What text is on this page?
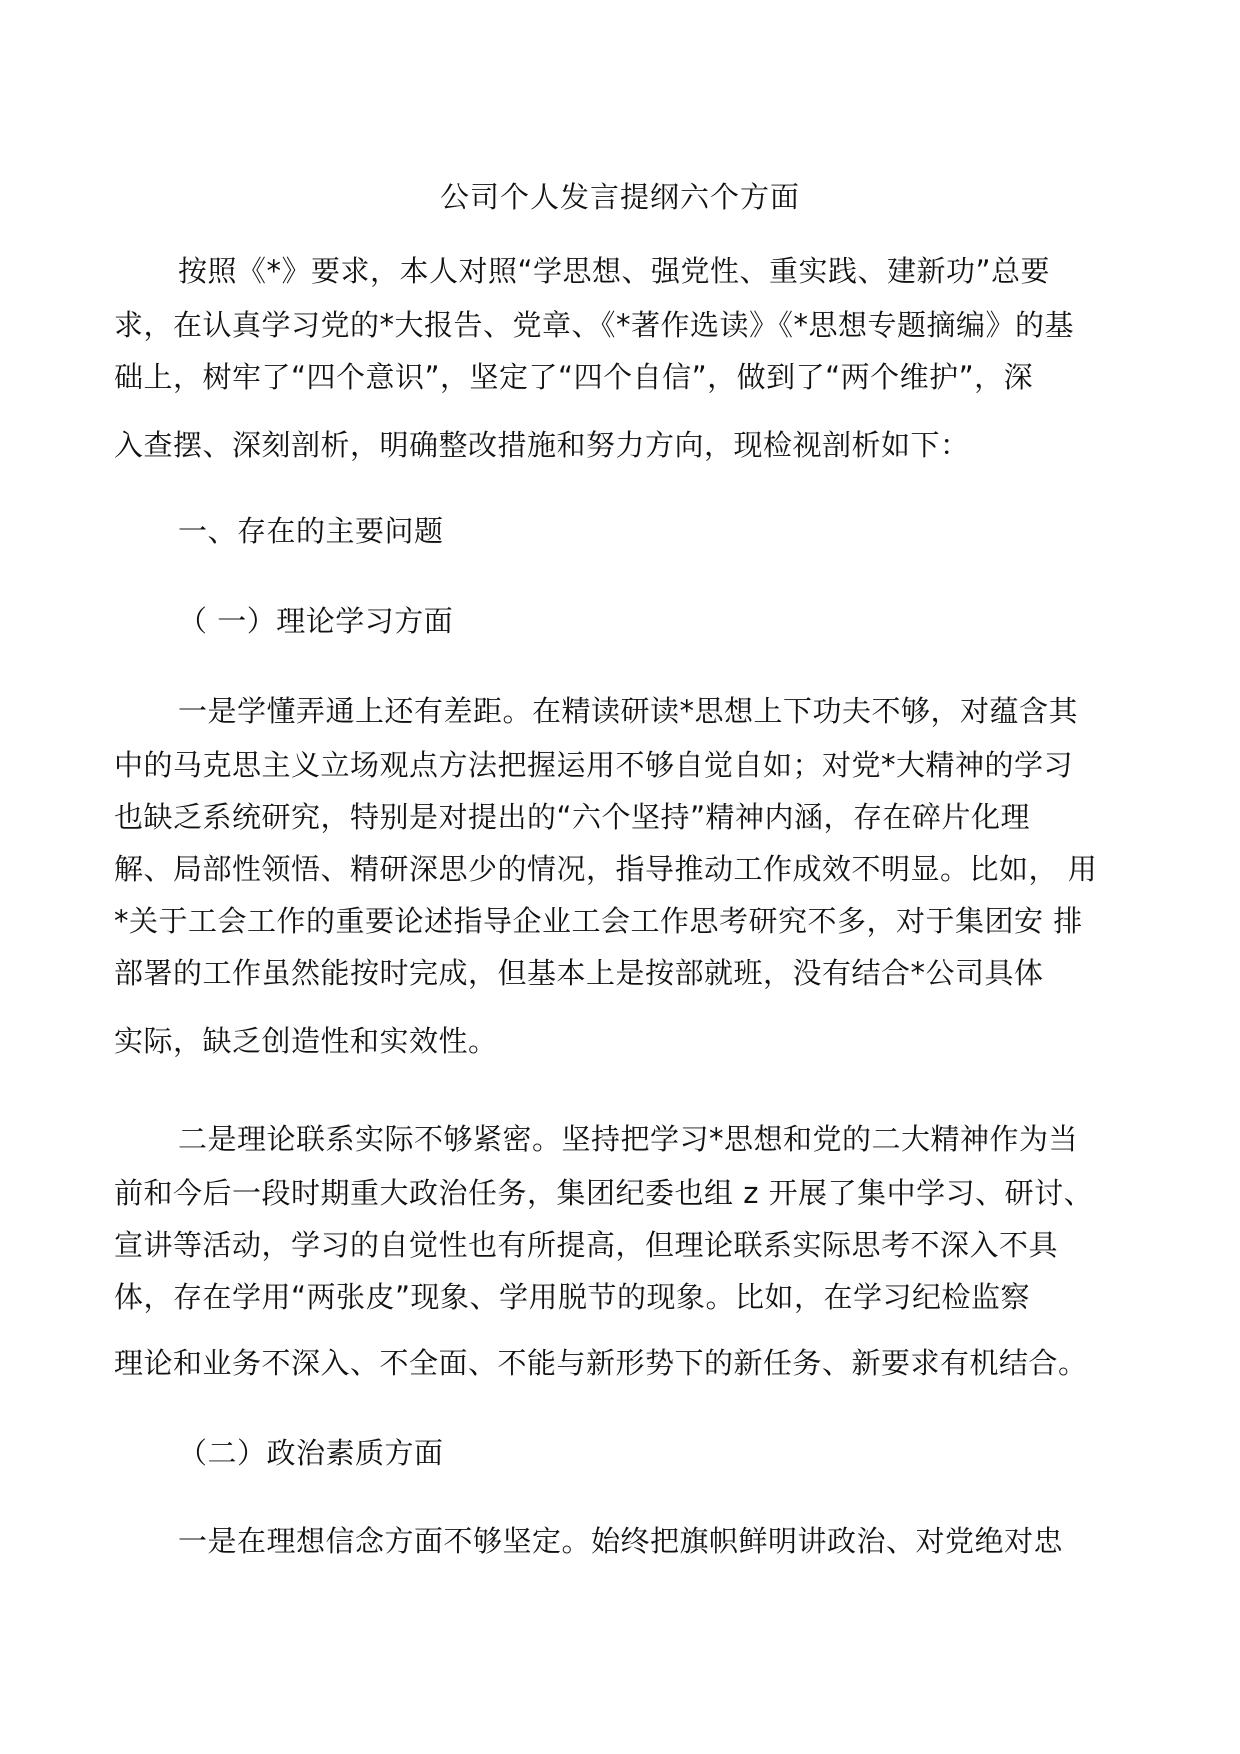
公司个人发言提纲六个方面
按照《*》要求，本人对照“学思想、强党性、重实践、建新功”总要
求，在认真学习党的*大报告、党章、《*著作选读》《*思想专题摘编》的基
础上，树牢了“四个意识”，坚定了“四个自信”，做到了“两个维护”，深
入查摆、深刻剖析，明确整改措施和努力方向，现检视剖析如下：
一、存在的主要问题
（ 一）理论学习方面
一是学懂弄通上还有差距。在精读研读*思想上下功夫不够，对蕴含其
中的马克思主义立场观点方法把握运用不够自觉自如；对党*大精神的学习
也缺乏系统研究，特别是对提出的“六个坚持”精神内涵，存在碎片化理
解、局部性领悟、精研深思少的情况，指导推动工作成效不明显。比如， 用
*关于工会工作的重要论述指导企业工会工作思考研究不多，对于集团安 排
部署的工作虽然能按时完成，但基本上是按部就班，没有结合*公司具体
实际，缺乏创造性和实效性。
二是理论联系实际不够紧密。坚持把学习*思想和党的二大精神作为当
前和今后一段时期重大政治任务，集团纪委也组 z 开展了集中学习、研讨、
宣讲等活动，学习的自觉性也有所提高，但理论联系实际思考不深入不具
体，存在学用“两张皮”现象、学用脱节的现象。比如，在学习纪检监察
理论和业务不深入、不全面、不能与新形势下的新任务、新要求有机结合。
（二）政治素质方面
一是在理想信念方面不够坚定。始终把旗帜鲜明讲政治、对党绝对忠
